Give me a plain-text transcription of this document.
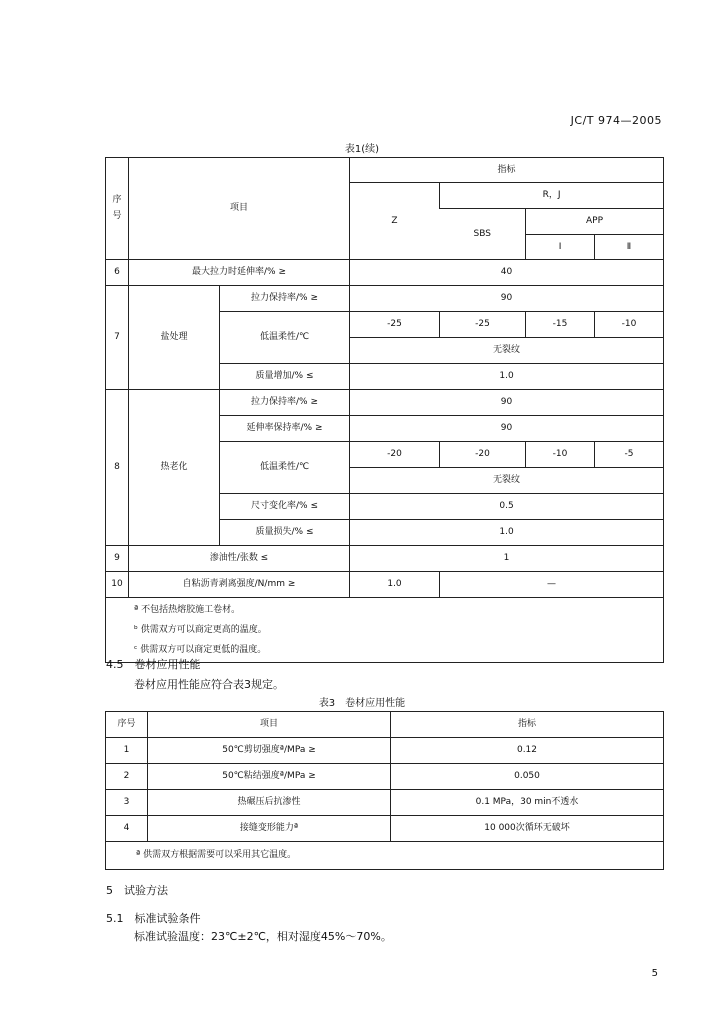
JC/T 974—2005
表1(续)
序
号	项目		指标			
			Z	R，J		
				SBS	APP	
					Ⅰ	Ⅱ
6	最大拉力时延伸率/% ≥		40			
7	盐处理	拉力保持率/% ≥	90			
		低温柔性/℃	-25	-25	-15	-10
			无裂纹			
		质量增加/% ≤	1.0			
8	热老化	拉力保持率/% ≥	90			
		延伸率保持率/% ≥	90			
		低温柔性/℃	-20	-20	-10	-5
			无裂纹			
		尺寸变化率/% ≤	0.5			
		质量损失/% ≤	1.0			
9	渗油性/张数 ≤		1			
10	自粘沥青剥离强度/N/mm ≥		1.0	—		

ª 不包括热熔胶施工卷材。
ᵇ 供需双方可以商定更高的温度。
ᶜ 供需双方可以商定更低的温度。						
4.5　卷材应用性能
卷材应用性能应符合表3规定。
表3　卷材应用性能
序号	项目	指标
1	50℃剪切强度ª/MPa ≥	0.12
2	50℃粘结强度ª/MPa ≥	0.050
3	热碾压后抗渗性	0.1 MPa，30 min不透水
4	接缝变形能力ª	10 000次循环无破坏
ª 供需双方根据需要可以采用其它温度。		
5　试验方法
5.1　标准试验条件
标准试验温度：23℃±2℃，相对湿度45%～70%。
5
